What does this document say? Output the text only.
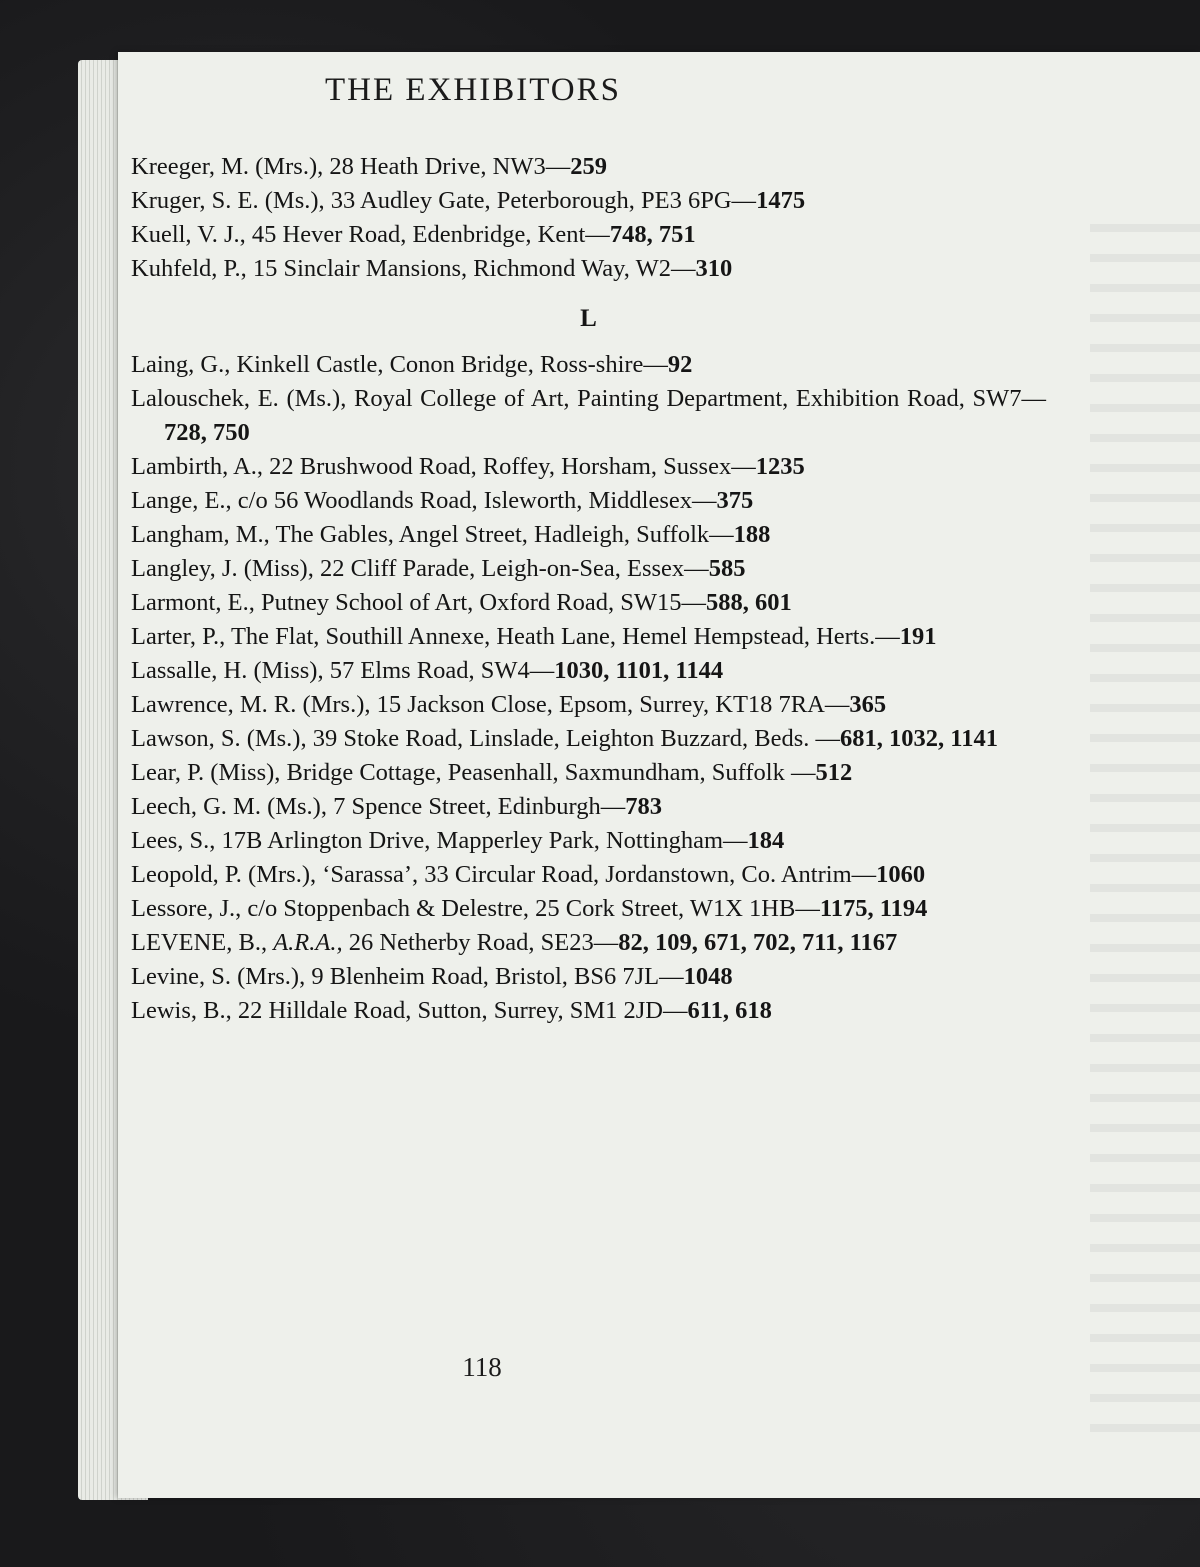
THE EXHIBITORS
Kreeger, M. (Mrs.), 28 Heath Drive, NW3—259
Kruger, S. E. (Ms.), 33 Audley Gate, Peterborough, PE3 6PG—1475
Kuell, V. J., 45 Hever Road, Edenbridge, Kent—748, 751
Kuhfeld, P., 15 Sinclair Mansions, Richmond Way, W2—310
L
Laing, G., Kinkell Castle, Conon Bridge, Ross-shire—92
Lalouschek, E. (Ms.), Royal College of Art, Painting Department, Exhibition Road, SW7—728, 750
Lambirth, A., 22 Brushwood Road, Roffey, Horsham, Sussex—1235
Lange, E., c/o 56 Woodlands Road, Isleworth, Middlesex—375
Langham, M., The Gables, Angel Street, Hadleigh, Suffolk—188
Langley, J. (Miss), 22 Cliff Parade, Leigh-on-Sea, Essex—585
Larmont, E., Putney School of Art, Oxford Road, SW15—588, 601
Larter, P., The Flat, Southill Annexe, Heath Lane, Hemel Hempstead, Herts.—191
Lassalle, H. (Miss), 57 Elms Road, SW4—1030, 1101, 1144
Lawrence, M. R. (Mrs.), 15 Jackson Close, Epsom, Surrey, KT18 7RA—365
Lawson, S. (Ms.), 39 Stoke Road, Linslade, Leighton Buzzard, Beds. —681, 1032, 1141
Lear, P. (Miss), Bridge Cottage, Peasenhall, Saxmundham, Suffolk —512
Leech, G. M. (Ms.), 7 Spence Street, Edinburgh—783
Lees, S., 17B Arlington Drive, Mapperley Park, Nottingham—184
Leopold, P. (Mrs.), ‘Sarassa’, 33 Circular Road, Jordanstown, Co. Antrim—1060
Lessore, J., c/o Stoppenbach & Delestre, 25 Cork Street, W1X 1HB—1175, 1194
LEVENE, B., A.R.A., 26 Netherby Road, SE23—82, 109, 671, 702, 711, 1167
Levine, S. (Mrs.), 9 Blenheim Road, Bristol, BS6 7JL—1048
Lewis, B., 22 Hilldale Road, Sutton, Surrey, SM1 2JD—611, 618
118
